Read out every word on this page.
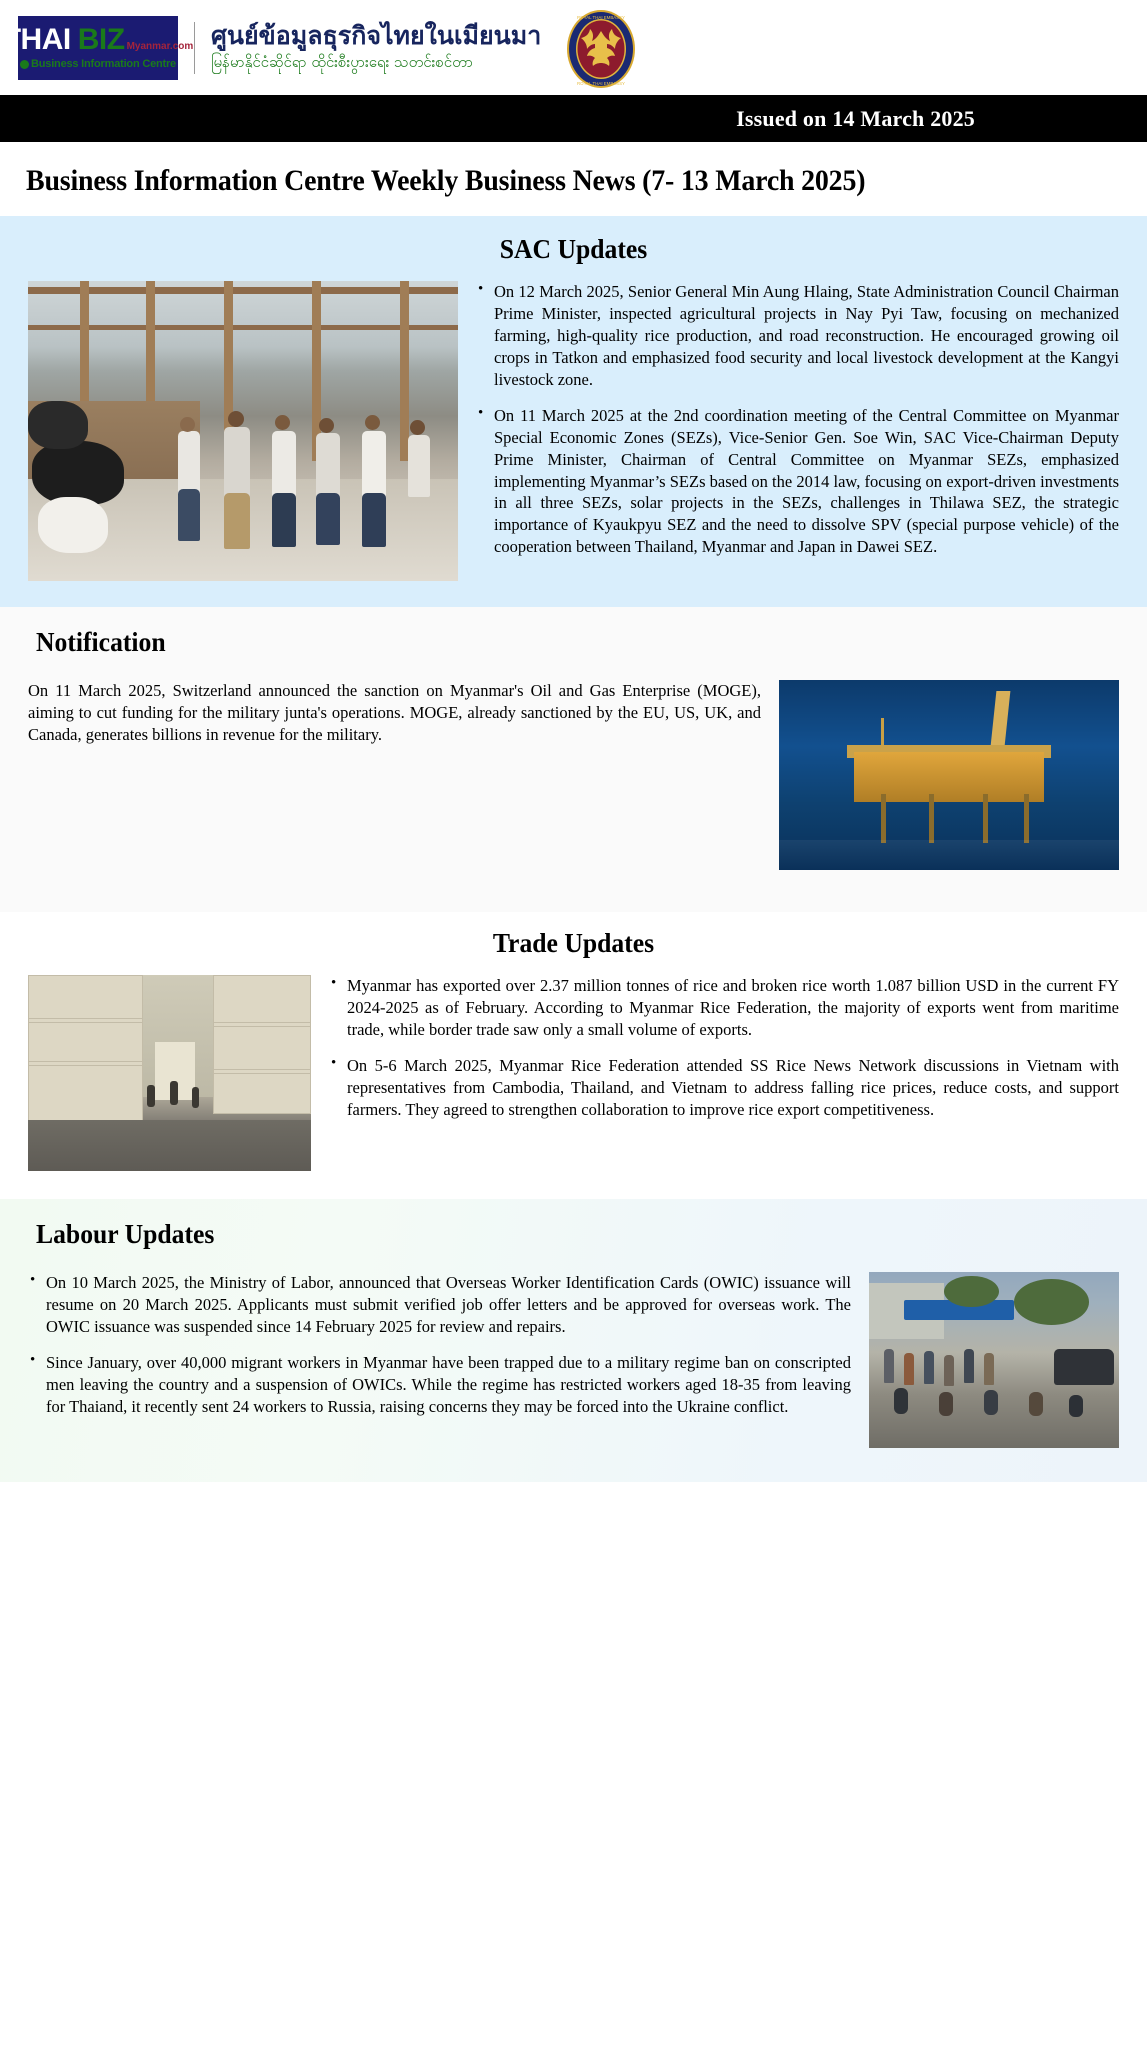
THAI BIZ Myanmar.com
Business Information Centre
ศูนย์ข้อมูลธุรกิจไทยในเมียนมา
မြန်မာနိုင်ငံဆိုင်ရာ ထိုင်းစီးပွားရေး သတင်းစင်တာ
ROYAL THAI EMBASSY
ROYAL THAI EMBASSY
Issued on 14 March 2025
Business Information Centre Weekly Business News (7- 13 March 2025)
SAC Updates
• On 12 March 2025, Senior General Min Aung Hlaing, State Administration Council Chairman Prime Minister, inspected agricultural projects in Nay Pyi Taw, focusing on mechanized farming, high-quality rice production, and road reconstruction. He encouraged growing oil crops in Tatkon and emphasized food security and local livestock development at the Kangyi livestock zone.
• On 11 March 2025 at the 2nd coordination meeting of the Central Committee on Myanmar Special Economic Zones (SEZs), Vice-Senior Gen. Soe Win, SAC Vice-Chairman Deputy Prime Minister, Chairman of Central Committee on Myanmar SEZs, emphasized implementing Myanmar’s SEZs based on the 2014 law, focusing on export-driven investments in all three SEZs, solar projects in the SEZs, challenges in Thilawa SEZ, the strategic importance of Kyaukpyu SEZ and the need to dissolve SPV (special purpose vehicle) of the cooperation between Thailand, Myanmar and Japan in Dawei SEZ.
Notification
On 11 March 2025, Switzerland announced the sanction on Myanmar's Oil and Gas Enterprise (MOGE), aiming to cut funding for the military junta's operations. MOGE, already sanctioned by the EU, US, UK, and Canada, generates billions in revenue for the military.
Trade Updates
• Myanmar has exported over 2.37 million tonnes of rice and broken rice worth 1.087 billion USD in the current FY 2024-2025 as of February. According to Myanmar Rice Federation, the majority of exports went from maritime trade, while border trade saw only a small volume of exports.
• On 5-6 March 2025, Myanmar Rice Federation attended SS Rice News Network discussions in Vietnam with representatives from Cambodia, Thailand, and Vietnam to address falling rice prices, reduce costs, and support farmers. They agreed to strengthen collaboration to improve rice export competitiveness.
Labour Updates
• On 10 March 2025, the Ministry of Labor, announced that Overseas Worker Identification Cards (OWIC) issuance will resume on 20 March 2025. Applicants must submit verified job offer letters and be approved for overseas work. The OWIC issuance was suspended since 14 February 2025 for review and repairs.
• Since January, over 40,000 migrant workers in Myanmar have been trapped due to a military regime ban on conscripted men leaving the country and a suspension of OWICs. While the regime has restricted workers aged 18-35 from leaving for Thaiand, it recently sent 24 workers to Russia, raising concerns they may be forced into the Ukraine conflict.
